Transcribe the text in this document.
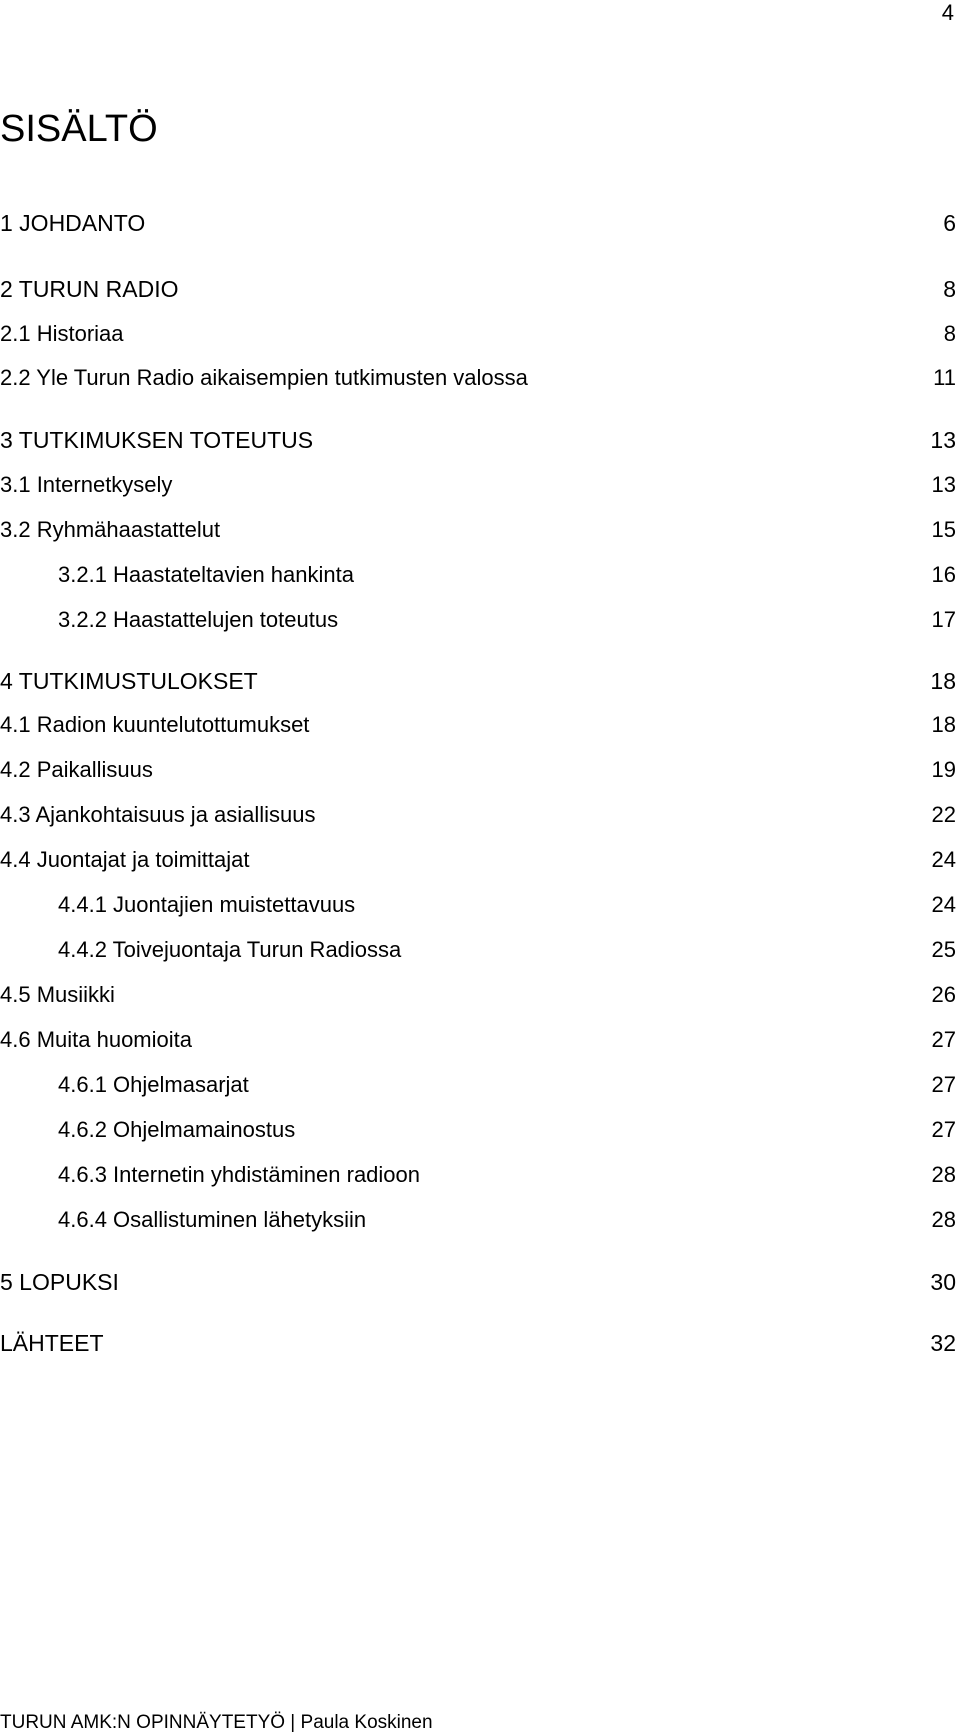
4
SISÄLTÖ
1 JOHDANTO	6
2 TURUN RADIO	8
2.1 Historiaa	8
2.2 Yle Turun Radio aikaisempien tutkimusten valossa	11
3 TUTKIMUKSEN TOTEUTUS	13
3.1 Internetkysely	13
3.2 Ryhmähaastattelut	15
3.2.1 Haastateltavien hankinta	16
3.2.2 Haastattelujen toteutus	17
4 TUTKIMUSTULOKSET	18
4.1 Radion kuuntelutottumukset	18
4.2 Paikallisuus	19
4.3 Ajankohtaisuus ja asiallisuus	22
4.4 Juontajat ja toimittajat	24
4.4.1 Juontajien muistettavuus	24
4.4.2 Toivejuontaja Turun Radiossa	25
4.5 Musiikki	26
4.6 Muita huomioita	27
4.6.1 Ohjelmasarjat	27
4.6.2 Ohjelmamainostus	27
4.6.3 Internetin yhdistäminen radioon	28
4.6.4 Osallistuminen lähetyksiin	28
5 LOPUKSI	30
LÄHTEET	32
TURUN AMK:N OPINNÄYTETYÖ | Paula Koskinen
